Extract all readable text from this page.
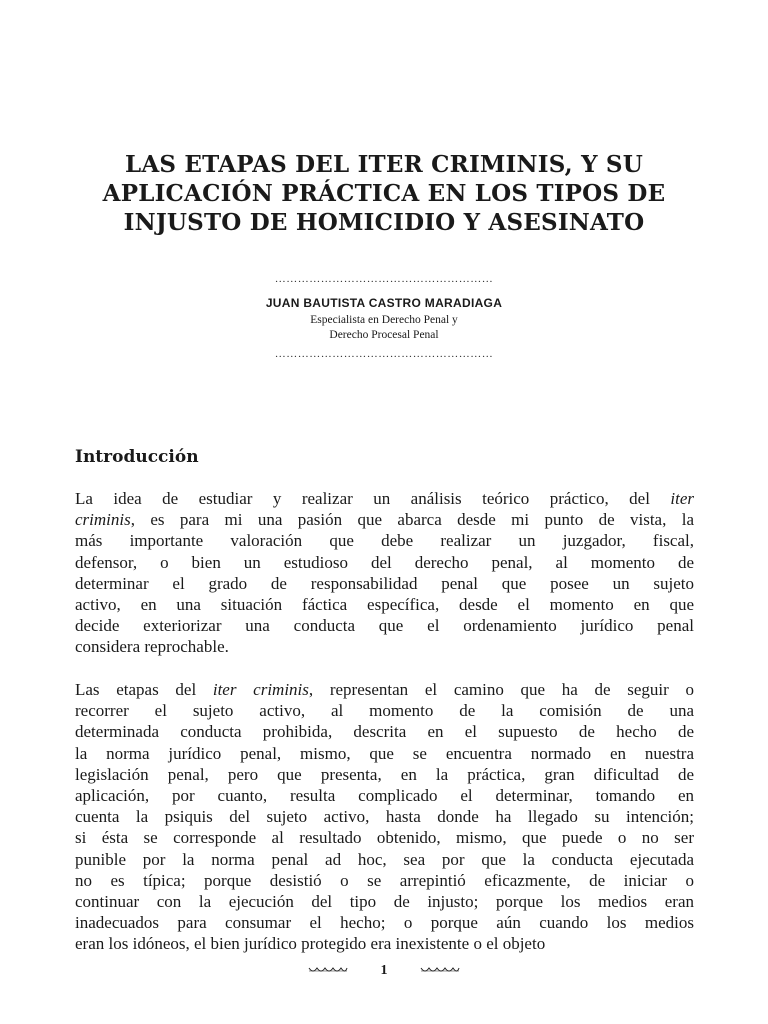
LAS ETAPAS DEL ITER CRIMINIS, Y SU
APLICACIÓN PRÁCTICA EN LOS TIPOS DE
INJUSTO DE HOMICIDIO Y ASESINATO
…………………………………………………
JUAN BAUTISTA CASTRO MARADIAGA
Especialista en Derecho Penal y
Derecho Procesal Penal
…………………………………………………
Introducción
La idea de estudiar y realizar un análisis teórico práctico, del iter
criminis, es para mi una pasión que abarca desde mi punto de vista, la
más importante valoración que debe realizar un juzgador, fiscal,
defensor, o bien un estudioso del derecho penal, al momento de
determinar el grado de responsabilidad penal que posee un sujeto
activo, en una situación fáctica específica, desde el momento en que
decide exteriorizar una conducta que el ordenamiento jurídico penal
considera reprochable.
Las etapas del iter criminis, representan el camino que ha de seguir o
recorrer el sujeto activo, al momento de la comisión de una
determinada conducta prohibida, descrita en el supuesto de hecho de
la norma jurídico penal, mismo, que se encuentra normado en nuestra
legislación penal, pero que presenta, en la práctica, gran dificultad de
aplicación, por cuanto, resulta complicado el determinar, tomando en
cuenta la psiquis del sujeto activo, hasta donde ha llegado su intención;
si ésta se corresponde al resultado obtenido, mismo, que puede o no ser
punible por la norma penal ad hoc, sea por que la conducta ejecutada
no es típica; porque desistió o se arrepintió eficazmente, de iniciar o
continuar con la ejecución del tipo de injusto; porque los medios eran
inadecuados para consumar el hecho; o porque aún cuando los medios
eran los idóneos, el bien jurídico protegido era inexistente o el objeto
1
